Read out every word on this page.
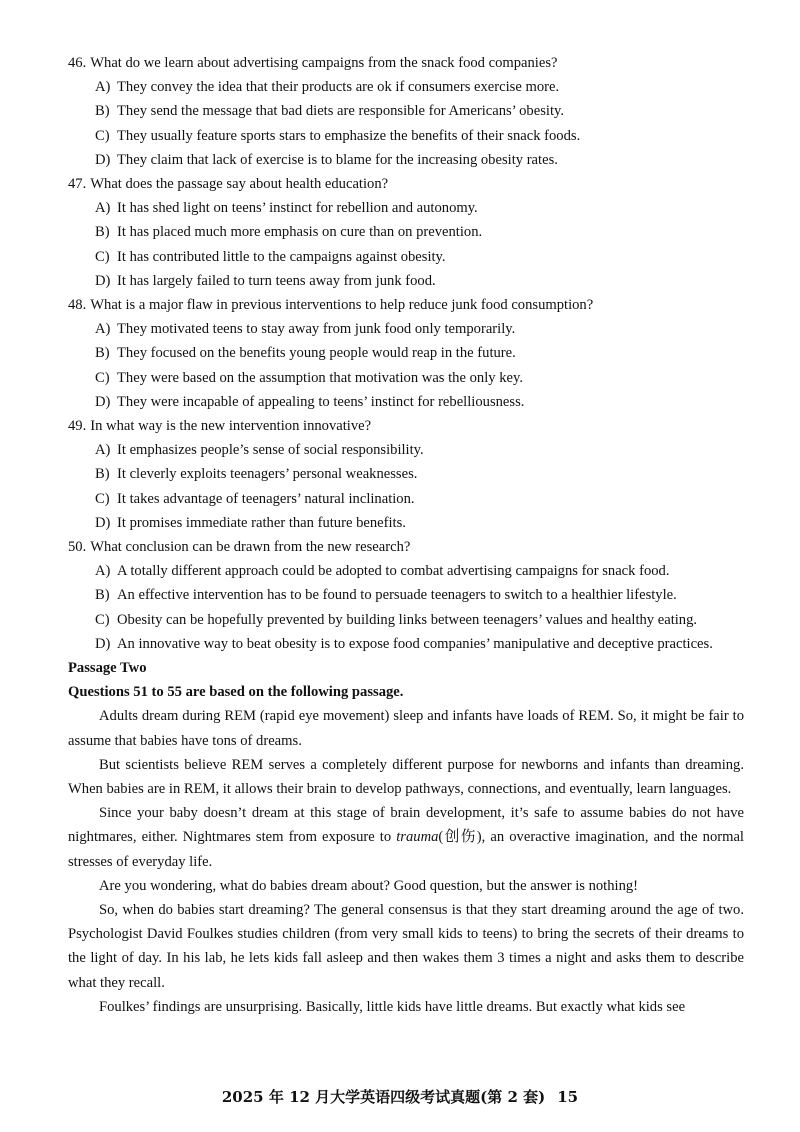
46. What do we learn about advertising campaigns from the snack food companies?
A) They convey the idea that their products are ok if consumers exercise more.
B) They send the message that bad diets are responsible for Americans’ obesity.
C) They usually feature sports stars to emphasize the benefits of their snack foods.
D) They claim that lack of exercise is to blame for the increasing obesity rates.
47. What does the passage say about health education?
A) It has shed light on teens’ instinct for rebellion and autonomy.
B) It has placed much more emphasis on cure than on prevention.
C) It has contributed little to the campaigns against obesity.
D) It has largely failed to turn teens away from junk food.
48. What is a major flaw in previous interventions to help reduce junk food consumption?
A) They motivated teens to stay away from junk food only temporarily.
B) They focused on the benefits young people would reap in the future.
C) They were based on the assumption that motivation was the only key.
D) They were incapable of appealing to teens’ instinct for rebelliousness.
49. In what way is the new intervention innovative?
A) It emphasizes people’s sense of social responsibility.
B) It cleverly exploits teenagers’ personal weaknesses.
C) It takes advantage of teenagers’ natural inclination.
D) It promises immediate rather than future benefits.
50. What conclusion can be drawn from the new research?
A) A totally different approach could be adopted to combat advertising campaigns for snack food.
B) An effective intervention has to be found to persuade teenagers to switch to a healthier lifestyle.
C) Obesity can be hopefully prevented by building links between teenagers’ values and healthy eating.
D) An innovative way to beat obesity is to expose food companies’ manipulative and deceptive practices.
Passage Two
Questions 51 to 55 are based on the following passage.

Adults dream during REM (rapid eye movement) sleep and infants have loads of REM. So, it might be fair to assume that babies have tons of dreams.

But scientists believe REM serves a completely different purpose for newborns and infants than dreaming. When babies are in REM, it allows their brain to develop pathways, connections, and eventually, learn languages.

Since your baby doesn’t dream at this stage of brain development, it’s safe to assume babies do not have nightmares, either. Nightmares stem from exposure to trauma(创伤), an overactive imagination, and the normal stresses of everyday life.

Are you wondering, what do babies dream about? Good question, but the answer is nothing!

So, when do babies start dreaming? The general consensus is that they start dreaming around the age of two. Psychologist David Foulkes studies children (from very small kids to teens) to bring the secrets of their dreams to the light of day. In his lab, he lets kids fall asleep and then wakes them 3 times a night and asks them to describe what they recall.

Foulkes’ findings are unsurprising. Basically, little kids have little dreams. But exactly what kids see

2025 年 12 月大学英语四级考试真题(第 2 套) 15
